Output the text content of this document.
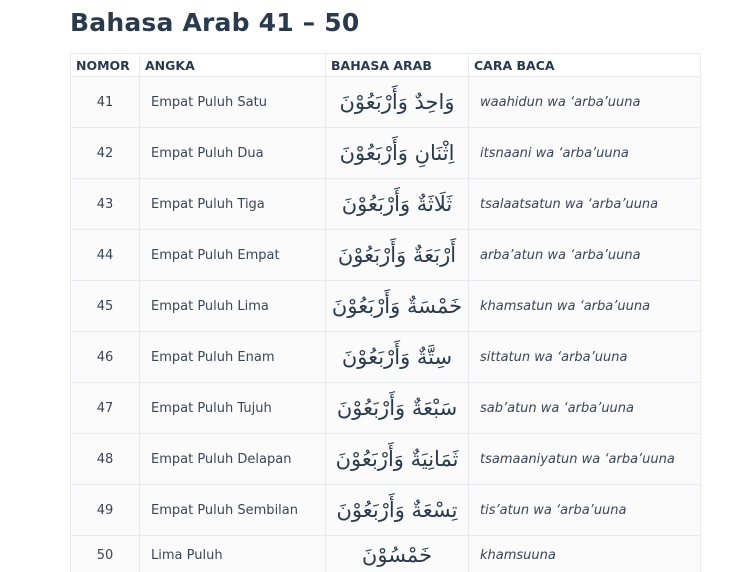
Bahasa Arab 41 – 50
NOMOR	ANGKA	BAHASA ARAB	CARA BACA
41	Empat Puluh Satu	وَاحِدٌ وَأَرْبَعُوْنَ	waahidun wa ‘arba’uuna
42	Empat Puluh Dua	اِثْنَانِ وَأَرْبَعُوْنَ	itsnaani wa ‘arba’uuna
43	Empat Puluh Tiga	ثَلَاثَةٌ وَأَرْبَعُوْنَ	tsalaatsatun wa ‘arba’uuna
44	Empat Puluh Empat	أَرْبَعَةٌ وَأَرْبَعُوْنَ	arba’atun wa ‘arba’uuna
45	Empat Puluh Lima	خَمْسَةٌ وَأَرْبَعُوْنَ	khamsatun wa ‘arba’uuna
46	Empat Puluh Enam	سِتَّةٌ وَأَرْبَعُوْنَ	sittatun wa ‘arba’uuna
47	Empat Puluh Tujuh	سَبْعَةٌ وَأَرْبَعُوْنَ	sab’atun wa ‘arba’uuna
48	Empat Puluh Delapan	ثَمَانِيَةٌ وَأَرْبَعُوْنَ	tsamaaniyatun wa ‘arba’uuna
49	Empat Puluh Sembilan	تِسْعَةٌ وَأَرْبَعُوْنَ	tis’atun wa ‘arba’uuna
50	Lima Puluh	خَمْسُوْنَ	khamsuuna
